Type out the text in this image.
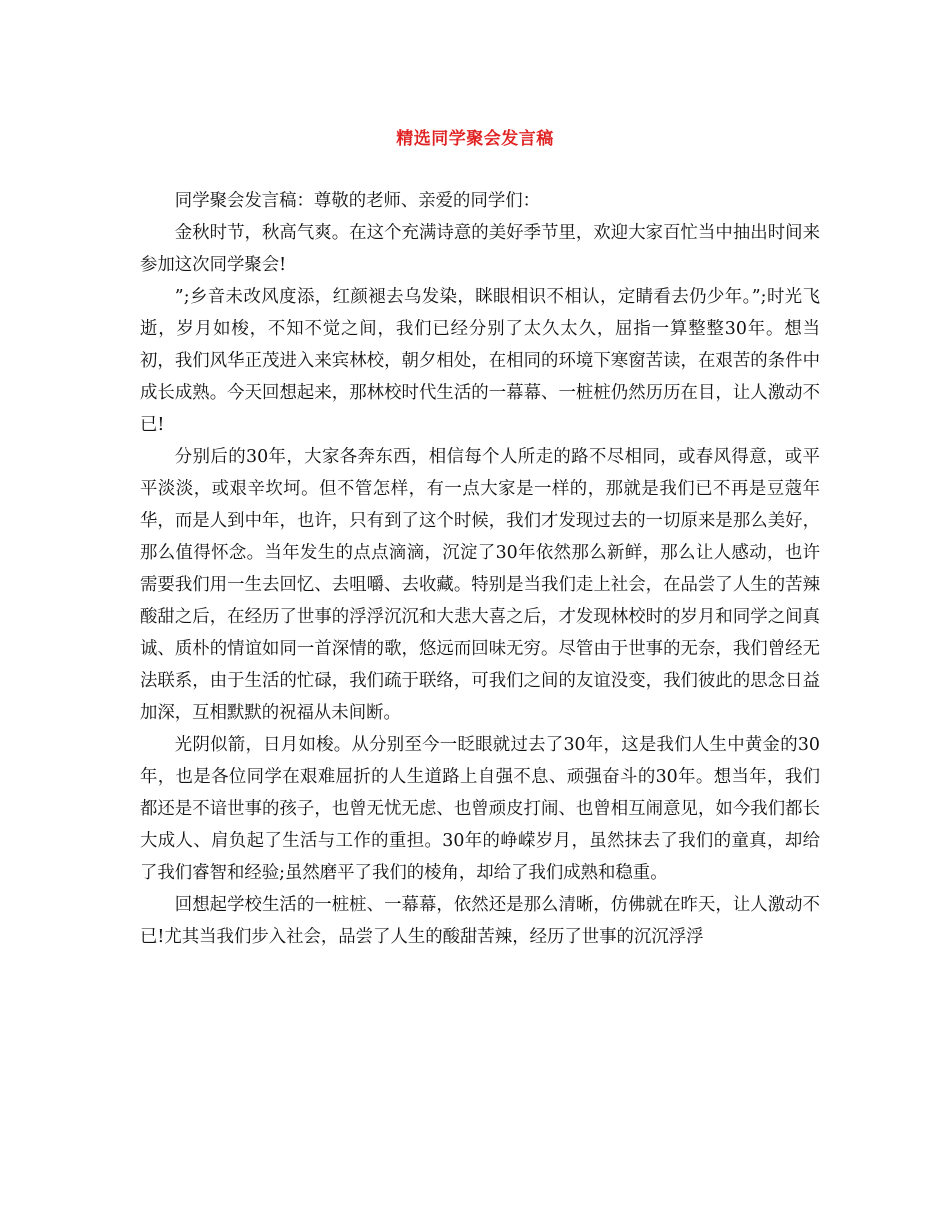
精选同学聚会发言稿

同学聚会发言稿：尊敬的老师、亲爱的同学们：

金秋时节，秋高气爽。在这个充满诗意的美好季节里，欢迎大家百忙当中抽出时间来参加这次同学聚会!

”;乡音未改风度添，红颜褪去乌发染，眯眼相识不相认，定睛看去仍少年。”;时光飞逝，岁月如梭，不知不觉之间，我们已经分别了太久太久，屈指一算整整30年。想当初，我们风华正茂进入来宾林校，朝夕相处，在相同的环境下寒窗苦读，在艰苦的条件中成长成熟。今天回想起来，那林校时代生活的一幕幕、一桩桩仍然历历在目，让人激动不已!

分别后的30年，大家各奔东西，相信每个人所走的路不尽相同，或春风得意，或平平淡淡，或艰辛坎坷。但不管怎样，有一点大家是一样的，那就是我们已不再是豆蔻年华，而是人到中年，也许，只有到了这个时候，我们才发现过去的一切原来是那么美好，那么值得怀念。当年发生的点点滴滴，沉淀了30年依然那么新鲜，那么让人感动，也许需要我们用一生去回忆、去咀嚼、去收藏。特别是当我们走上社会，在品尝了人生的苦辣酸甜之后，在经历了世事的浮浮沉沉和大悲大喜之后，才发现林校时的岁月和同学之间真诚、质朴的情谊如同一首深情的歌，悠远而回味无穷。尽管由于世事的无奈，我们曾经无法联系，由于生活的忙碌，我们疏于联络，可我们之间的友谊没变，我们彼此的思念日益加深，互相默默的祝福从未间断。

光阴似箭，日月如梭。从分别至今一眨眼就过去了30年，这是我们人生中黄金的30年，也是各位同学在艰难屈折的人生道路上自强不息、顽强奋斗的30年。想当年，我们都还是不谙世事的孩子，也曾无忧无虑、也曾顽皮打闹、也曾相互闹意见，如今我们都长大成人、肩负起了生活与工作的重担。30年的峥嵘岁月，虽然抹去了我们的童真，却给了我们睿智和经验;虽然磨平了我们的棱角，却给了我们成熟和稳重。

回想起学校生活的一桩桩、一幕幕，依然还是那么清晰，仿佛就在昨天，让人激动不已!尤其当我们步入社会，品尝了人生的酸甜苦辣，经历了世事的沉沉浮浮
